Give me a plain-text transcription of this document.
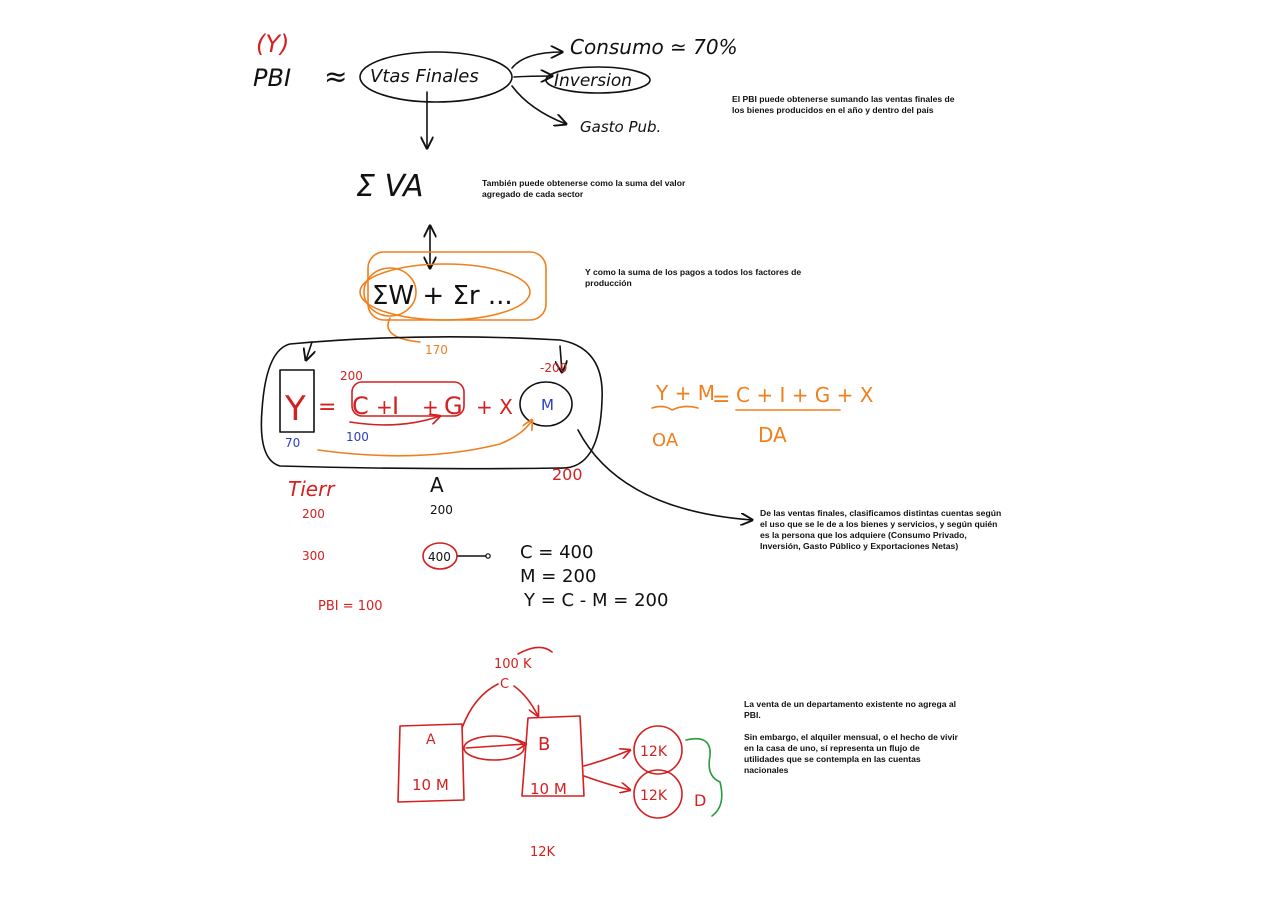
(Y)
PBI ≈ Vtas Finales
Consumo ≃ 70%
Inversion
Gasto Pub.
Σ VA
ΣW + Σr ...
170
Y =
200
C + I + G + X M
-200
100
70
Y + M
= C + I + G + X
OA	DA
Tierr
200
300
A
200
200
400	C = 400
M = 200
Y = C - M = 200
PBI = 100
100 K
C
A
10 M
B
10 M
12K
12K D
12K
El PBI puede obtenerse sumando las ventas finales de
los bienes producidos en el año y dentro del país
También puede obtenerse como la suma del valor
agregado de cada sector
Y como la suma de los pagos a todos los factores de
producción
De las ventas finales, clasificamos distintas cuentas según
el uso que se le de a los bienes y servicios, y según quién
es la persona que los adquiere (Consumo Privado,
Inversión, Gasto Público y Exportaciones Netas)
La venta de un departamento existente no agrega al
PBI.

Sin embargo, el alquiler mensual, o el hecho de vivir
en la casa de uno, sí representa un flujo de
utilidades que se contempla en las cuentas
nacionales
